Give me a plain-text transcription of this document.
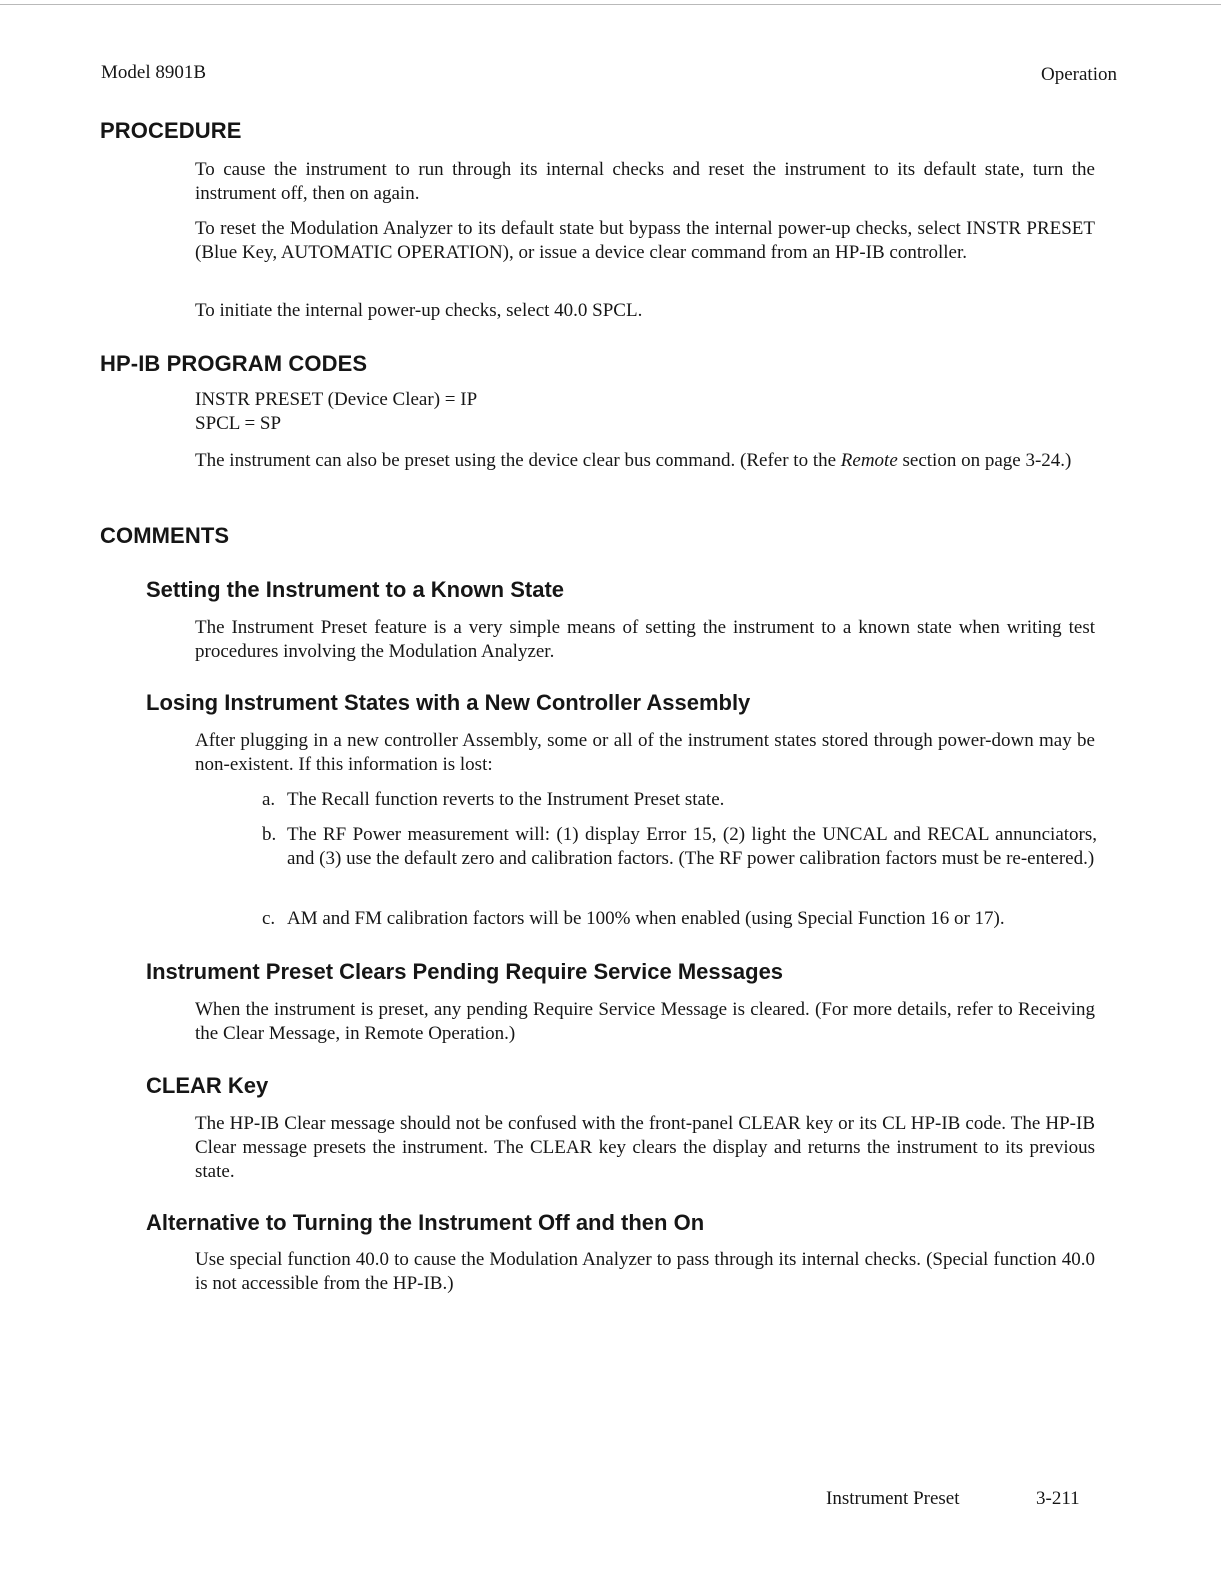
Model 8901B	Operation
PROCEDURE

To cause the instrument to run through its internal checks and reset the instrument to its default state, turn the instrument off, then on again.

To reset the Modulation Analyzer to its default state but bypass the internal power-up checks, select INSTR PRESET (Blue Key, AUTOMATIC OPERATION), or issue a device clear command from an HP-IB controller.

To initiate the internal power-up checks, select 40.0 SPCL.

HP-IB PROGRAM CODES
INSTR PRESET (Device Clear) = IP
SPCL = SP

The instrument can also be preset using the device clear bus command. (Refer to the Remote section on page 3-24.)

COMMENTS
Setting the Instrument to a Known State

The Instrument Preset feature is a very simple means of setting the instrument to a known state when writing test procedures involving the Modulation Analyzer.

Losing Instrument States with a New Controller Assembly

After plugging in a new controller Assembly, some or all of the instrument states stored through power-down may be non-existent. If this information is lost:

a. The Recall function reverts to the Instrument Preset state.
b. The RF Power measurement will: (1) display Error 15, (2) light the UNCAL and RECAL annunciators, and (3) use the default zero and calibration factors. (The RF power calibration factors must be re-entered.)
c. AM and FM calibration factors will be 100% when enabled (using Special Function 16 or 17).
Instrument Preset Clears Pending Require Service Messages

When the instrument is preset, any pending Require Service Message is cleared. (For more details, refer to Receiving the Clear Message, in Remote Operation.)

CLEAR Key

The HP-IB Clear message should not be confused with the front-panel CLEAR key or its CL HP-IB code. The HP-IB Clear message presets the instrument. The CLEAR key clears the display and returns the instrument to its previous state.

Alternative to Turning the Instrument Off and then On

Use special function 40.0 to cause the Modulation Analyzer to pass through its internal checks. (Special function 40.0 is not accessible from the HP-IB.)

Instrument Preset	3-211
